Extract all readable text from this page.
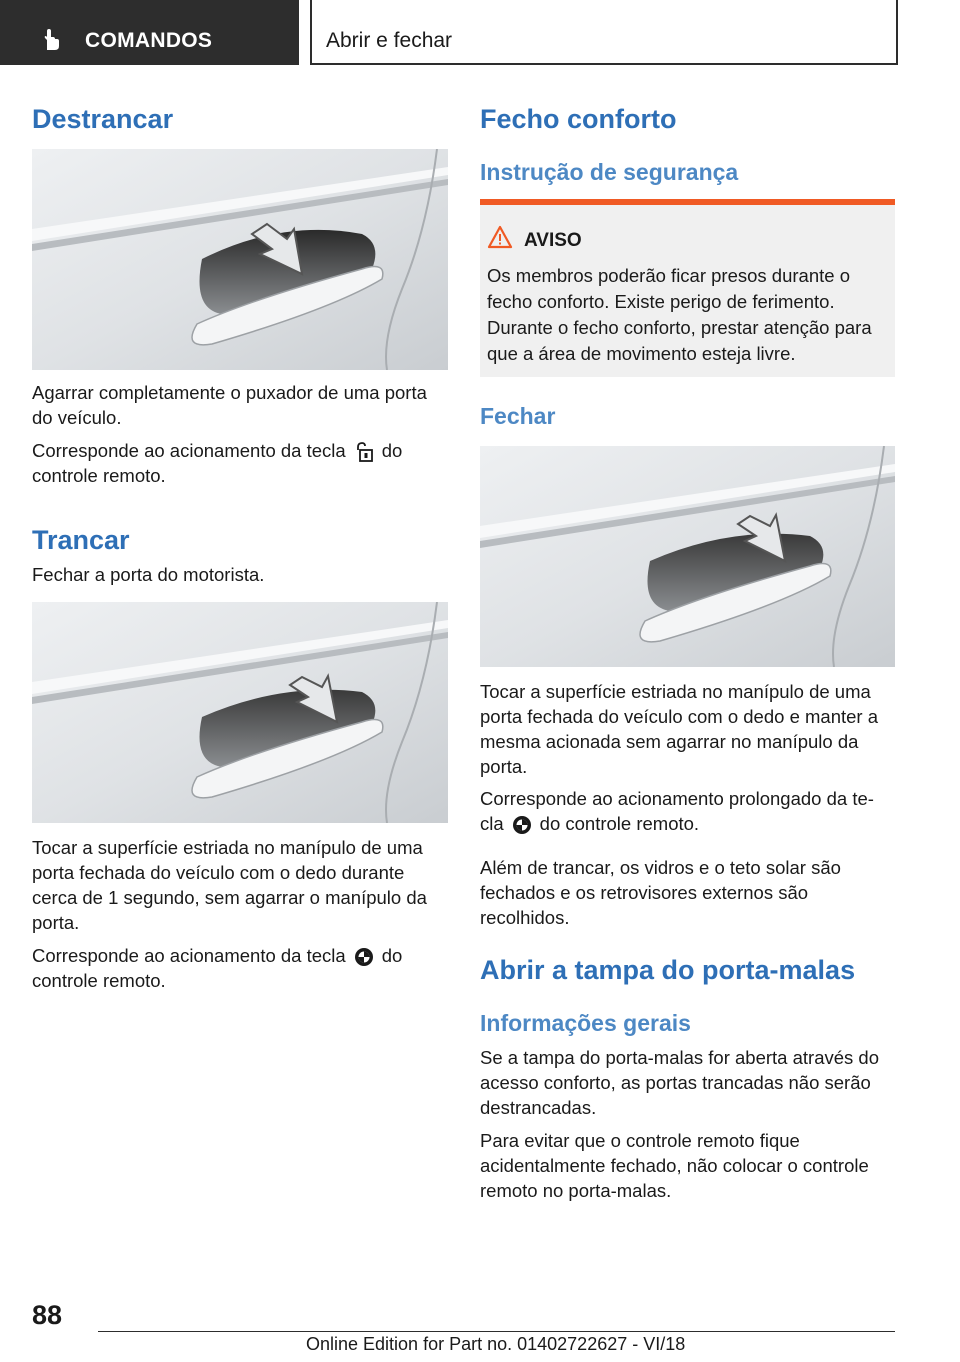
COMANDOS	Abrir e fechar
Destrancar
Agarrar completamente o puxador de uma porta do veículo.
Corresponde ao acionamento da tecla do
controle remoto.
Trancar
Fechar a porta do motorista.
Tocar a superfície estriada no manípulo de uma porta fechada do veículo com o dedo durante cerca de 1 segundo, sem agarrar o manípulo da porta.
Corresponde ao acionamento da tecla do
controle remoto.
Fecho conforto
Instrução de segurança
AVISO
Os membros poderão ficar presos durante o fecho conforto. Existe perigo de ferimento. Durante o fecho conforto, prestar atenção para que a área de movimento esteja livre.
Fechar
Tocar a superfície estriada no manípulo de uma porta fechada do veículo com o dedo e manter a mesma acionada sem agarrar no manípulo da porta.
Corresponde ao acionamento prolongado da te-
cla do controle remoto.
Além de trancar, os vidros e o teto solar são fechados e os retrovisores externos são recolhidos.
Abrir a tampa do porta-malas
Informações gerais
Se a tampa do porta-malas for aberta através do acesso conforto, as portas trancadas não serão destrancadas.
Para evitar que o controle remoto fique acidentalmente fechado, não colocar o controle remoto no porta-malas.
88
Online Edition for Part no. 01402722627 - VI/18
